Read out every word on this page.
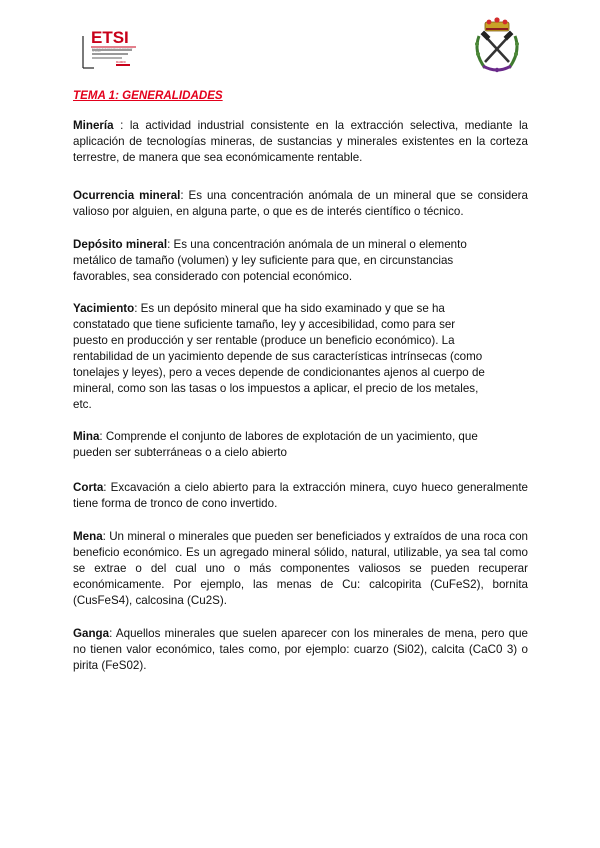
ETSI
ESCUELA TÉCNICA SUPERIOR DE INGENIERÍA DE MINAS
MADRID

TEMA 1: GENERALIDADES

Minería : la actividad industrial consistente en la extracción selectiva, mediante la aplicación de tecnologías mineras, de sustancias y minerales existentes en la corteza terrestre, de manera que sea económicamente rentable.

Ocurrencia mineral: Es una concentración anómala de un mineral que se considera valioso por alguien, en alguna parte, o que es de interés científico o técnico.

Depósito mineral: Es una concentración anómala de un mineral o elemento metálico de tamaño (volumen) y ley suficiente para que, en circunstancias favorables, sea considerado con potencial económico.

Yacimiento: Es un depósito mineral que ha sido examinado y que se ha constatado que tiene suficiente tamaño, ley y accesibilidad, como para ser puesto en producción y ser rentable (produce un beneficio económico). La rentabilidad de un yacimiento depende de sus características intrínsecas (como tonelajes y leyes), pero a veces depende de condicionantes ajenos al cuerpo de mineral, como son las tasas o los impuestos a aplicar, el precio de los metales, etc.

Mina: Comprende el conjunto de labores de explotación de un yacimiento, que pueden ser subterráneas o a cielo abierto

Corta: Excavación a cielo abierto para la extracción minera, cuyo hueco generalmente tiene forma de tronco de cono invertido.

Mena: Un mineral o minerales que pueden ser beneficiados y extraídos de una roca con beneficio económico. Es un agregado mineral sólido, natural, utilizable, ya sea tal como se extrae o del cual uno o más componentes valiosos se pueden recuperar económicamente. Por ejemplo, las menas de Cu: calcopirita (CuFeS2), bornita (CusFeS4), calcosina (Cu2S).

Ganga: Aquellos minerales que suelen aparecer con los minerales de mena, pero que no tienen valor económico, tales como, por ejemplo: cuarzo (Si02), calcita (CaC0 3) o pirita (FeS02).
